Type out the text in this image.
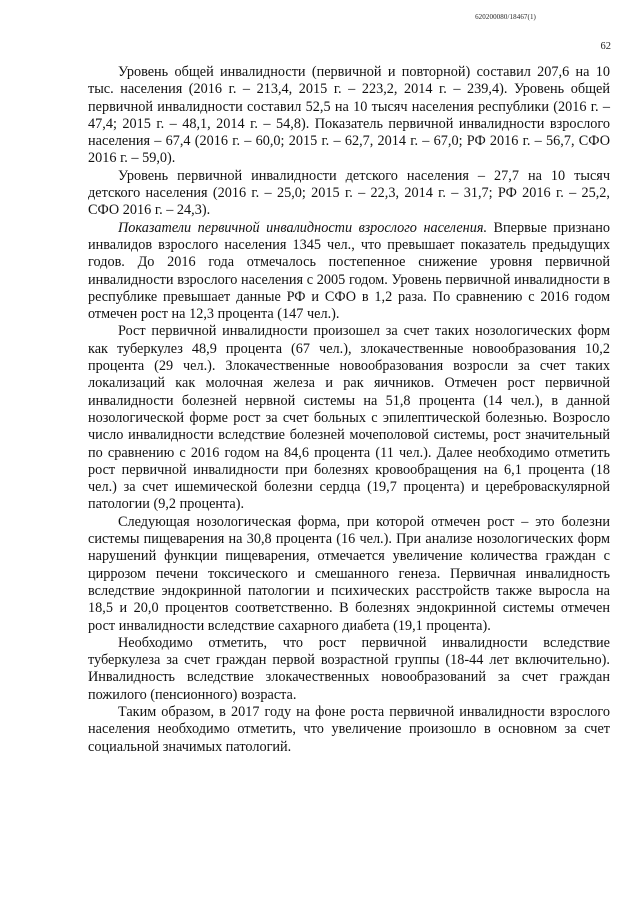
620200080/18467(1)
62

Уровень общей инвалидности (первичной и повторной) составил 207,6 на 10 тыс. населения (2016 г. – 213,4, 2015 г. – 223,2, 2014 г. – 239,4). Уровень общей первичной инвалидности составил 52,5 на 10 тысяч населения республики (2016 г. – 47,4; 2015 г. – 48,1, 2014 г. – 54,8). Показатель первичной инвалидности взрослого населения – 67,4 (2016 г. – 60,0; 2015 г. – 62,7, 2014 г. – 67,0; РФ 2016 г. – 56,7, СФО 2016 г. – 59,0).

Уровень первичной инвалидности детского населения – 27,7 на 10 тысяч детского населения (2016 г. – 25,0; 2015 г. – 22,3, 2014 г. – 31,7; РФ 2016 г. – 25,2, СФО 2016 г. – 24,3).

Показатели первичной инвалидности взрослого населения. Впервые признано инвалидов взрослого населения 1345 чел., что превышает показатель предыдущих годов. До 2016 года отмечалось постепенное снижение уровня первичной инвалидности взрослого населения с 2005 годом. Уровень первичной инвалидности в республике превышает данные РФ и СФО в 1,2 раза. По сравнению с 2016 годом отмечен рост на 12,3 процента (147 чел.).

Рост первичной инвалидности произошел за счет таких нозологических форм как туберкулез 48,9 процента (67 чел.), злокачественные новообразования 10,2 процента (29 чел.). Злокачественные новообразования возросли за счет таких локализаций как молочная железа и рак яичников. Отмечен рост первичной инвалидности болезней нервной системы на 51,8 процента (14 чел.), в данной нозологической форме рост за счет больных с эпилептической болезнью. Возросло число инвалидности вследствие болезней мочеполовой системы, рост значительный по сравнению с 2016 годом на 84,6 процента (11 чел.). Далее необходимо отметить рост первичной инвалидности при болезнях кровообращения на 6,1 процента (18 чел.) за счет ишемической болезни сердца (19,7 процента) и цереброваскулярной патологии (9,2 процента).

Следующая нозологическая форма, при которой отмечен рост – это болезни системы пищеварения на 30,8 процента (16 чел.). При анализе нозологических форм нарушений функции пищеварения, отмечается увеличение количества граждан с циррозом печени токсического и смешанного генеза. Первичная инвалидность вследствие эндокринной патологии и психических расстройств также выросла на 18,5 и 20,0 процентов соответственно. В болезнях эндокринной системы отмечен рост инвалидности вследствие сахарного диабета (19,1 процента).

Необходимо отметить, что рост первичной инвалидности вследствие туберкулеза за счет граждан первой возрастной группы (18-44 лет включительно). Инвалидность вследствие злокачественных новообразований за счет граждан пожилого (пенсионного) возраста.

Таким образом, в 2017 году на фоне роста первичной инвалидности взрослого населения необходимо отметить, что увеличение произошло в основном за счет социальной значимых патологий.
